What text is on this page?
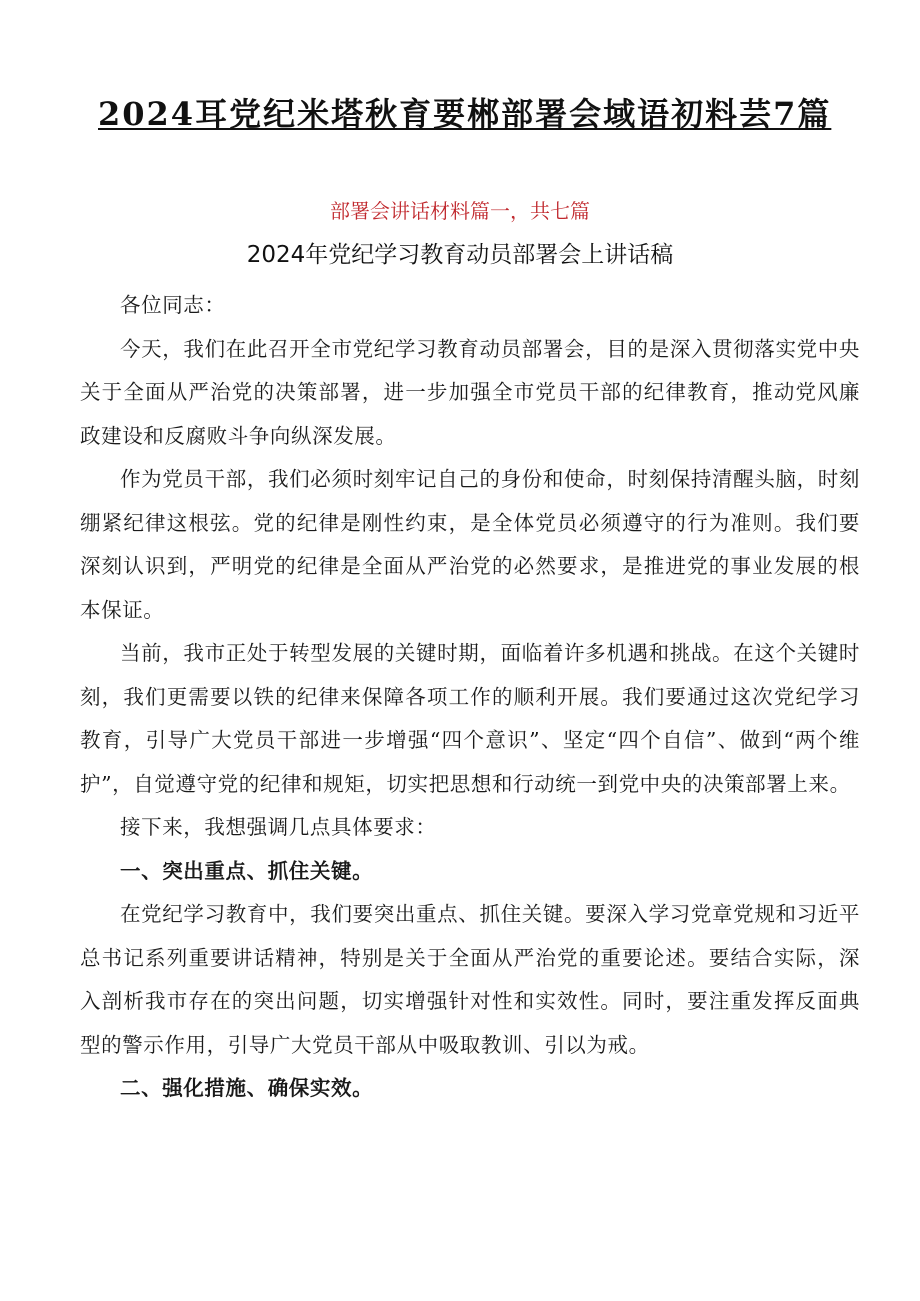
2024耳党纪米塔秋育要郴部署会域语初料芸7篇
部署会讲话材料篇一，共七篇
2024年党纪学习教育动员部署会上讲话稿

各位同志：

今天，我们在此召开全市党纪学习教育动员部署会，目的是深入贯彻落实党中央关于全面从严治党的决策部署，进一步加强全市党员干部的纪律教育，推动党风廉政建设和反腐败斗争向纵深发展。

作为党员干部，我们必须时刻牢记自己的身份和使命，时刻保持清醒头脑，时刻绷紧纪律这根弦。党的纪律是刚性约束，是全体党员必须遵守的行为准则。我们要深刻认识到，严明党的纪律是全面从严治党的必然要求，是推进党的事业发展的根本保证。

当前，我市正处于转型发展的关键时期，面临着许多机遇和挑战。在这个关键时刻，我们更需要以铁的纪律来保障各项工作的顺利开展。我们要通过这次党纪学习教育，引导广大党员干部进一步增强“四个意识”、坚定“四个自信”、做到“两个维护”，自觉遵守党的纪律和规矩，切实把思想和行动统一到党中央的决策部署上来。

接下来，我想强调几点具体要求：

一、突出重点、抓住关键。

在党纪学习教育中，我们要突出重点、抓住关键。要深入学习党章党规和习近平总书记系列重要讲话精神，特别是关于全面从严治党的重要论述。要结合实际，深入剖析我市存在的突出问题，切实增强针对性和实效性。同时，要注重发挥反面典型的警示作用，引导广大党员干部从中吸取教训、引以为戒。

二、强化措施、确保实效。
